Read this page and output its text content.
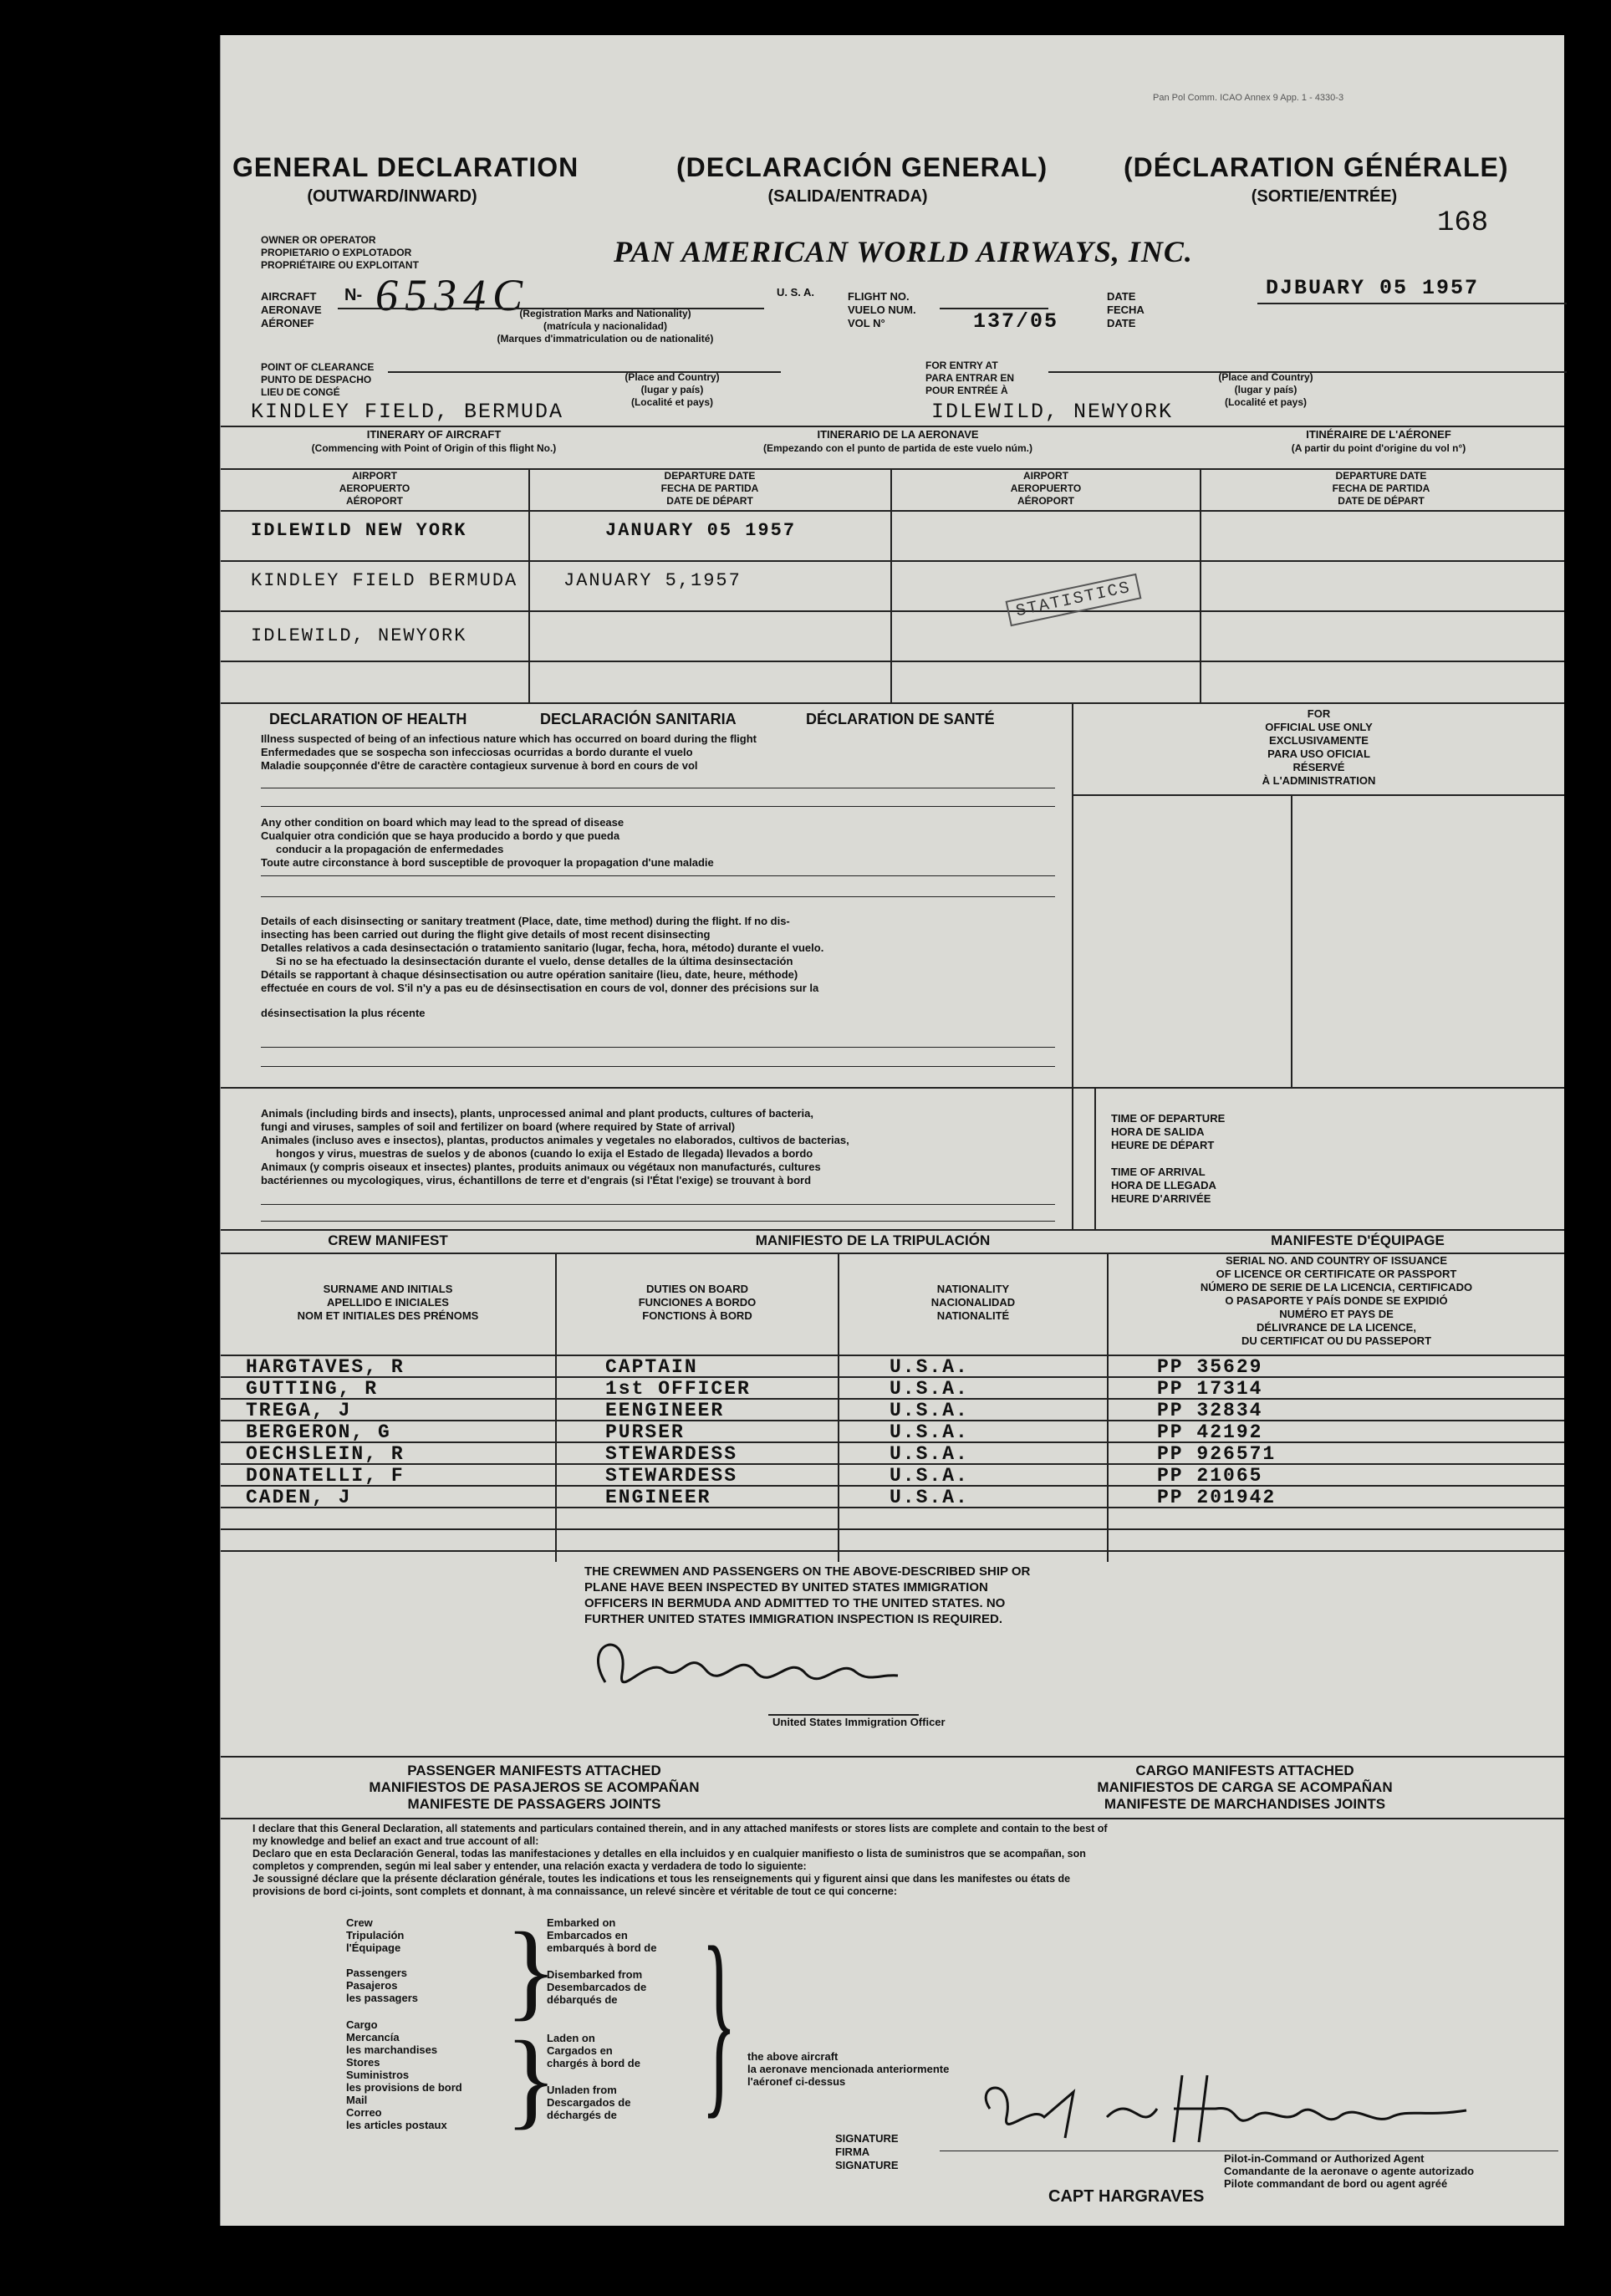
Pan Pol Comm. ICAO Annex 9 App. 1 - 4330-3
168
GENERAL DECLARATION
(OUTWARD/INWARD)
(DECLARACIÓN GENERAL)
(SALIDA/ENTRADA)
(DÉCLARATION GÉNÉRALE)
(SORTIE/ENTRÉE)
OWNER OR OPERATOR
PROPIETARIO O EXPLOTADOR
PROPRIÉTAIRE OU EXPLOITANT	PAN AMERICAN WORLD AIRWAYS, INC.
AIRCRAFT
AERONAVE
AÉRONEF
N- 6534C
(Registration Marks and Nationality)
(matrícula y nacionalidad)
(Marques d'immatriculation ou de nationalité)
U. S. A.	FLIGHT NO.
VUELO NUM.
VOL N°	137/05
DJBUARY 05 1957
DATE
FECHA
DATE
POINT OF CLEARANCE
PUNTO DE DESPACHO
LIEU DE CONGÉ
KINDLEY FIELD, BERMUDA
(Place and Country)
(lugar y país)
(Localité et pays)
FOR ENTRY AT
PARA ENTRAR EN
POUR ENTRÉE À
IDLEWILD, NEWYORK
(Place and Country)
(lugar y país)
(Localité et pays)
ITINERARY OF AIRCRAFT
(Commencing with Point of Origin of this flight No.)
ITINERARIO DE LA AERONAVE
(Empezando con el punto de partida de este vuelo núm.)
ITINÉRAIRE DE L'AÉRONEF
(A partir du point d'origine du vol n°)
AIRPORT
AEROPUERTO
AÉROPORT
DEPARTURE DATE
FECHA DE PARTIDA
DATE DE DÉPART
AIRPORT
AEROPUERTO
AÉROPORT
DEPARTURE DATE
FECHA DE PARTIDA
DATE DE DÉPART
IDLEWILD NEW YORK	JANUARY 05 1957
KINDLEY FIELD BERMUDA JANUARY 5,1957
IDLEWILD, NEWYORK
STATISTICS
DECLARATION OF HEALTH	DECLARACIÓN SANITARIA	DÉCLARATION DE SANTÉ
Illness suspected of being of an infectious nature which has occurred on board during the flight
Enfermedades que se sospecha son infecciosas ocurridas a bordo durante el vuelo
Maladie soupçonnée d'être de caractère contagieux survenue à bord en cours de vol
Any other condition on board which may lead to the spread of disease
Cualquier otra condición que se haya producido a bordo y que pueda
conducir a la propagación de enfermedades
Toute autre circonstance à bord susceptible de provoquer la propagation d'une maladie
Details of each disinsecting or sanitary treatment (Place, date, time method) during the flight. If no dis-
insecting has been carried out during the flight give details of most recent disinsecting
Detalles relativos a cada desinsectación o tratamiento sanitario (lugar, fecha, hora, método) durante el vuelo.
Si no se ha efectuado la desinsectación durante el vuelo, dense detalles de la última desinsectación
Détails se rapportant à chaque désinsectisation ou autre opération sanitaire (lieu, date, heure, méthode)
effectuée en cours de vol. S'il n'y a pas eu de désinsectisation en cours de vol, donner des précisions sur la
désinsectisation la plus récente
Animals (including birds and insects), plants, unprocessed animal and plant products, cultures of bacteria,
fungi and viruses, samples of soil and fertilizer on board (where required by State of arrival)
Animales (incluso aves e insectos), plantas, productos animales y vegetales no elaborados, cultivos de bacterias,
hongos y virus, muestras de suelos y de abonos (cuando lo exija el Estado de llegada) llevados a bordo
Animaux (y compris oiseaux et insectes) plantes, produits animaux ou végétaux non manufacturés, cultures
bactériennes ou mycologiques, virus, échantillons de terre et d'engrais (si l'État l'exige) se trouvant à bord
FOR
OFFICIAL USE ONLY
EXCLUSIVAMENTE
PARA USO OFICIAL
RÉSERVÉ
À L'ADMINISTRATION
TIME OF DEPARTURE
HORA DE SALIDA
HEURE DE DÉPART
TIME OF ARRIVAL
HORA DE LLEGADA
HEURE D'ARRIVÉE
CREW MANIFEST	MANIFIESTO DE LA TRIPULACIÓN	MANIFESTE D'ÉQUIPAGE
SURNAME AND INITIALS
APELLIDO E INICIALES
NOM ET INITIALES DES PRÉNOMS
DUTIES ON BOARD
FUNCIONES A BORDO
FONCTIONS À BORD
NATIONALITY
NACIONALIDAD
NATIONALITÉ
SERIAL NO. AND COUNTRY OF ISSUANCE
OF LICENCE OR CERTIFICATE OR PASSPORT
NÚMERO DE SERIE DE LA LICENCIA, CERTIFICADO
O PASAPORTE Y PAÍS DONDE SE EXPIDIÓ
NUMÉRO ET PAYS DE
DÉLIVRANCE DE LA LICENCE,
DU CERTIFICAT OU DU PASSEPORT
HARGTAVES, R	CAPTAIN	U.S.A.	PP 35629
GUTTING, R	1st OFFICER	U.S.A.	PP 17314
TREGA, J	EENGINEER	U.S.A.	PP 32834
BERGERON, G	PURSER	U.S.A.	PP 42192
OECHSLEIN, R	STEWARDESS	U.S.A.	PP 926571
DONATELLI, F	STEWARDESS	U.S.A.	PP 21065
CADEN, J	ENGINEER	U.S.A.	PP 201942
THE CREWMEN AND PASSENGERS ON THE ABOVE-DESCRIBED SHIP OR
PLANE HAVE BEEN INSPECTED BY UNITED STATES IMMIGRATION
OFFICERS IN BERMUDA AND ADMITTED TO THE UNITED STATES. NO
FURTHER UNITED STATES IMMIGRATION INSPECTION IS REQUIRED.
United States Immigration Officer
PASSENGER MANIFESTS ATTACHED
MANIFIESTOS DE PASAJEROS SE ACOMPAÑAN
MANIFESTE DE PASSAGERS JOINTS
CARGO MANIFESTS ATTACHED
MANIFIESTOS DE CARGA SE ACOMPAÑAN
MANIFESTE DE MARCHANDISES JOINTS
I declare that this General Declaration, all statements and particulars contained therein, and in any attached manifests or stores lists are complete and contain to the best of
my knowledge and belief an exact and true account of all:
Declaro que en esta Declaración General, todas las manifestaciones y detalles en ella incluidos y en cualquier manifiesto o lista de suministros que se acompañan, son
completos y comprenden, según mi leal saber y entender, una relación exacta y verdadera de todo lo siguiente:
Je soussigné déclare que la présente déclaration générale, toutes les indications et tous les renseignements qui y figurent ainsi que dans les manifestes ou états de
provisions de bord ci-joints, sont complets et donnant, à ma connaissance, un relevé sincère et véritable de tout ce qui concerne:
Crew
Tripulación
l'Équipage
Passengers
Pasajeros
les passagers
Cargo
Mercancía
les marchandises
Stores
Suministros
les provisions de bord
Mail
Correo
les articles postaux
}
}
Embarked on
Embarcados en
embarqués à bord de
Disembarked from
Desembarcados de
débarqués de
Laden on
Cargados en
chargés à bord de
Unladen from
Descargados de
déchargés de } the above aircraft
la aeronave mencionada anteriormente
l'aéronef ci-dessus
SIGNATURE
FIRMA
SIGNATURE
Pilot-in-Command or Authorized Agent
Comandante de la aeronave o agente autorizado
Pilote commandant de bord ou agent agréé
CAPT HARGRAVES
